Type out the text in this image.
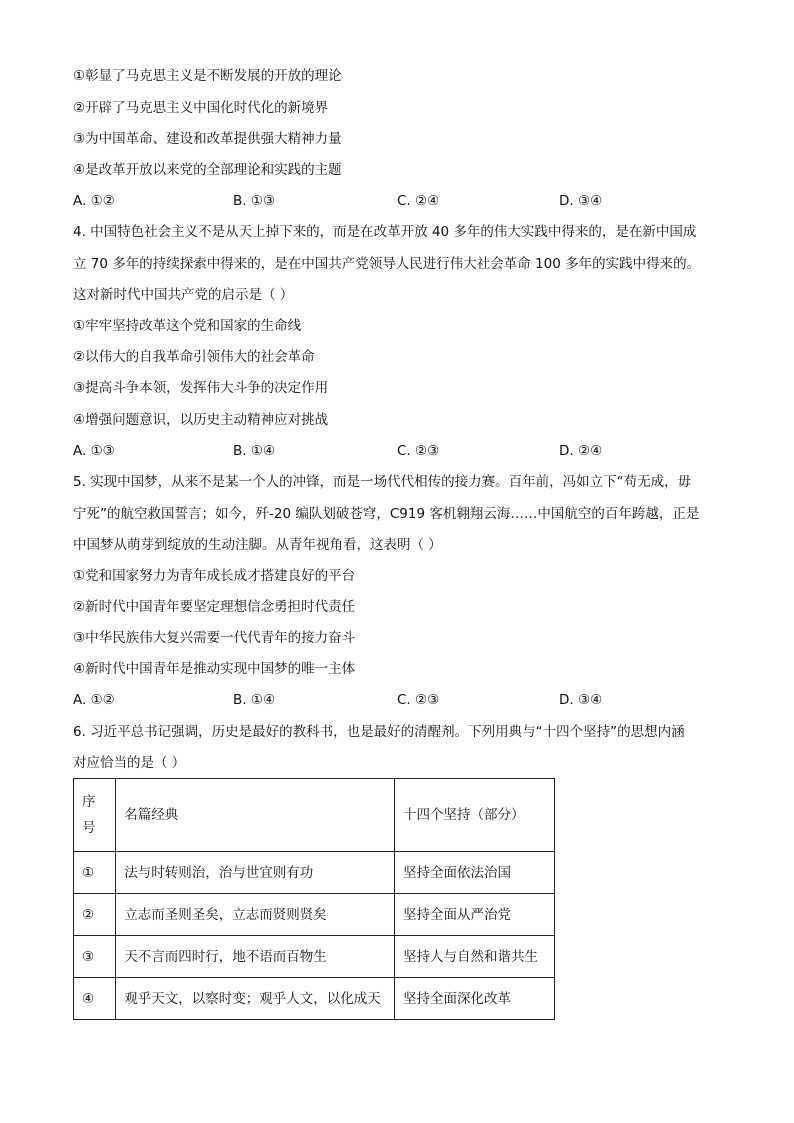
①彰显了马克思主义是不断发展的开放的理论
②开辟了马克思主义中国化时代化的新境界
③为中国革命、建设和改革提供强大精神力量
④是改革开放以来党的全部理论和实践的主题
A. ①②	B. ①③	C. ②④	D. ③④
4. 中国特色社会主义不是从天上掉下来的，而是在改革开放 40 多年的伟大实践中得来的，是在新中国成
立 70 多年的持续探索中得来的，是在中国共产党领导人民进行伟大社会革命 100 多年的实践中得来的。
这对新时代中国共产党的启示是（ ）
①牢牢坚持改革这个党和国家的生命线
②以伟大的自我革命引领伟大的社会革命
③提高斗争本领，发挥伟大斗争的决定作用
④增强问题意识，以历史主动精神应对挑战
A. ①③	B. ①④	C. ②③	D. ②④
5. 实现中国梦，从来不是某一个人的冲锋，而是一场代代相传的接力赛。百年前，冯如立下“苟无成，毋
宁死”的航空救国誓言；如今，歼-20 编队划破苍穹，C919 客机翱翔云海……中国航空的百年跨越，正是
中国梦从萌芽到绽放的生动注脚。从青年视角看，这表明（ ）
①党和国家努力为青年成长成才搭建良好的平台
②新时代中国青年要坚定理想信念勇担时代责任
③中华民族伟大复兴需要一代代青年的接力奋斗
④新时代中国青年是推动实现中国梦的唯一主体
A. ①②	B. ①④	C. ②③	D. ③④
6. 习近平总书记强调，历史是最好的教科书，也是最好的清醒剂。下列用典与“十四个坚持”的思想内涵
对应恰当的是（ ）
序号	名篇经典	十四个坚持（部分）
①	法与时转则治，治与世宜则有功	坚持全面依法治国
②	立志而圣则圣矣，立志而贤则贤矣	坚持全面从严治党
③	天不言而四时行，地不语而百物生	坚持人与自然和谐共生
④	观乎天文，以察时变；观乎人文，以化成天	坚持全面深化改革
